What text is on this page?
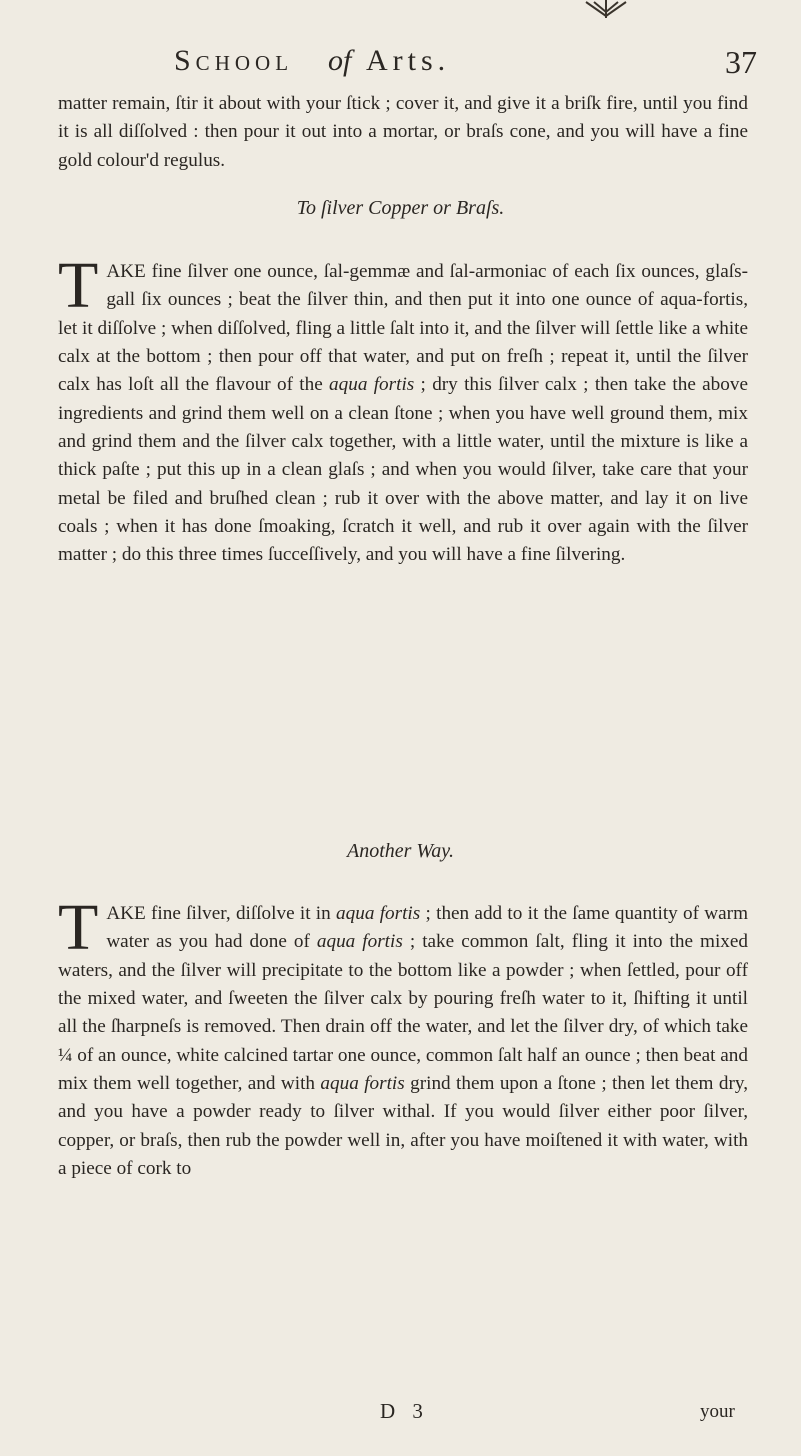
School of Arts.	37

matter remain, ſtir it about with your ſtick ; cover it, and give it a briſk fire, until you find it is all diſſolved : then pour it out into a mortar, or braſs cone, and you will have a fine gold colour'd regulus.

To ſilver Copper or Braſs.

TAKE fine ſilver one ounce, ſal-gemmæ and ſal-armoniac of each ſix ounces, glaſs-gall ſix ounces ; beat the ſilver thin, and then put it into one ounce of aqua-fortis, let it diſſolve ; when diſſolved, fling a little ſalt into it, and the ſilver will ſettle like a white calx at the bottom ; then pour off that water, and put on freſh ; repeat it, until the ſilver calx has loſt all the flavour of the aqua fortis ; dry this ſilver calx ; then take the above ingredients and grind them well on a clean ſtone ; when you have well ground them, mix and grind them and the ſilver calx together, with a little water, until the mixture is like a thick paſte ; put this up in a clean glaſs ; and when you would ſilver, take care that your metal be filed and bruſhed clean ; rub it over with the above matter, and lay it on live coals ; when it has done ſmoaking, ſcratch it well, and rub it over again with the ſilver matter ; do this three times ſucceſſively, and you will have a fine ſilvering.

Another Way.

TAKE fine ſilver, diſſolve it in aqua fortis ; then add to it the ſame quantity of warm water as you had done of aqua fortis ; take common ſalt, fling it into the mixed waters, and the ſilver will precipitate to the bottom like a powder ; when ſettled, pour off the mixed water, and ſweeten the ſilver calx by pouring freſh water to it, ſhifting it until all the ſharpneſs is removed. Then drain off the water, and let the ſilver dry, of which take ¼ of an ounce, white calcined tartar one ounce, common ſalt half an ounce ; then beat and mix them well together, and with aqua fortis grind them upon a ſtone ; then let them dry, and you have a powder ready to ſilver withal. If you would ſilver either poor ſilver, copper, or braſs, then rub the powder well in, after you have moiſtened it with water, with a piece of cork to

D 3	your
